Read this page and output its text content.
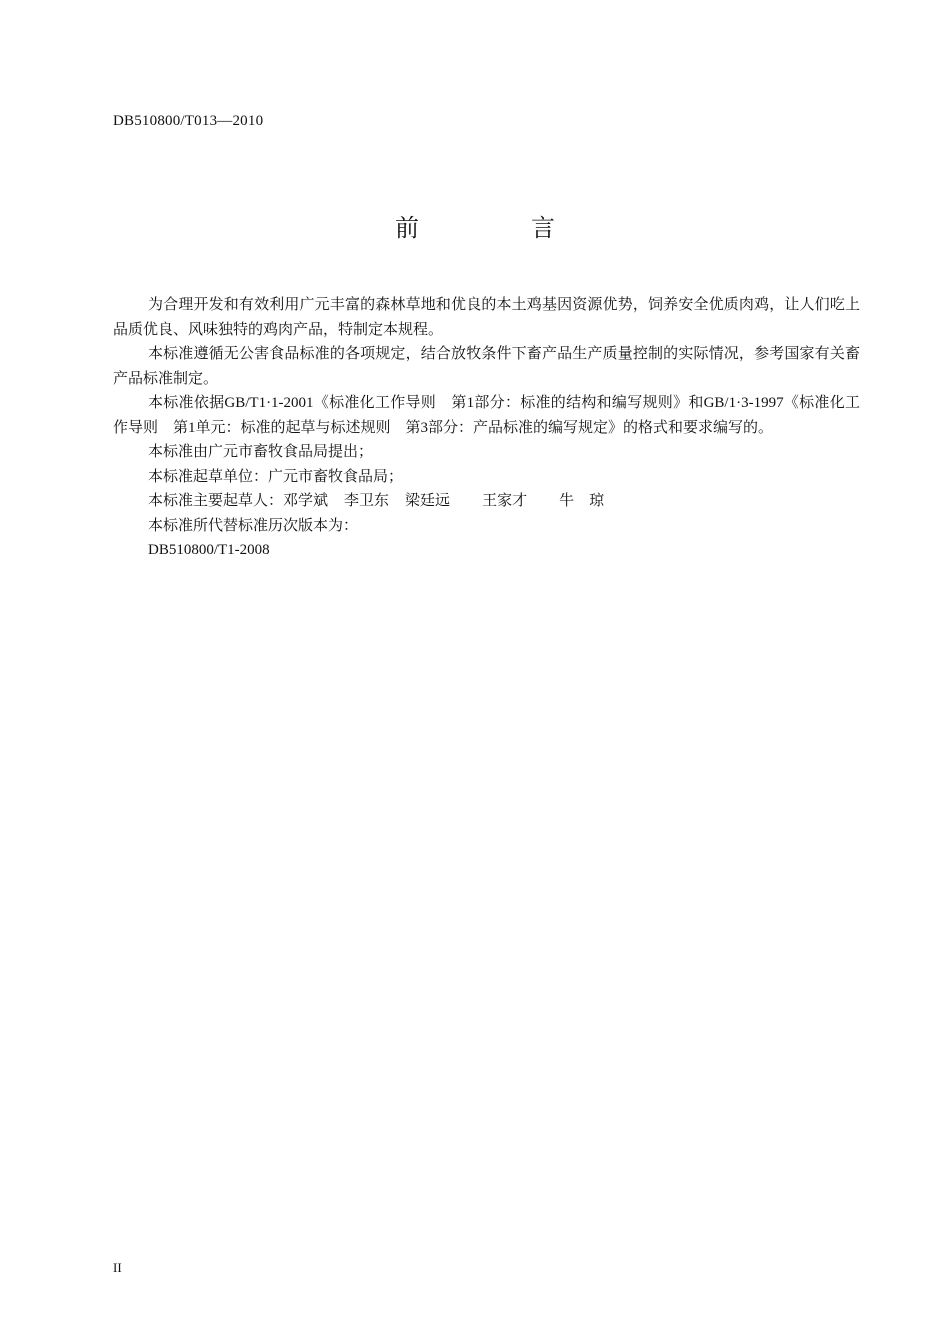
DB510800/T013—2010
前　言

为合理开发和有效利用广元丰富的森林草地和优良的本土鸡基因资源优势，饲养安全优质肉鸡，让人们吃上品质优良、风味独特的鸡肉产品，特制定本规程。

本标准遵循无公害食品标准的各项规定，结合放牧条件下畜产品生产质量控制的实际情况，参考国家有关畜产品标准制定。

本标准依据GB/T1·1-2001《标准化工作导则　第1部分：标准的结构和编写规则》和GB/1·3-1997《标准化工作导则　第1单元：标准的起草与标述规则　第3部分：产品标准的编写规定》的格式和要求编写的。

本标准由广元市畜牧食品局提出；

本标准起草单位：广元市畜牧食品局；

本标准主要起草人：邓学斌 李卫东 梁廷远 王家才 牛　琼

本标准所代替标准历次版本为：

DB510800/T1-2008

II
